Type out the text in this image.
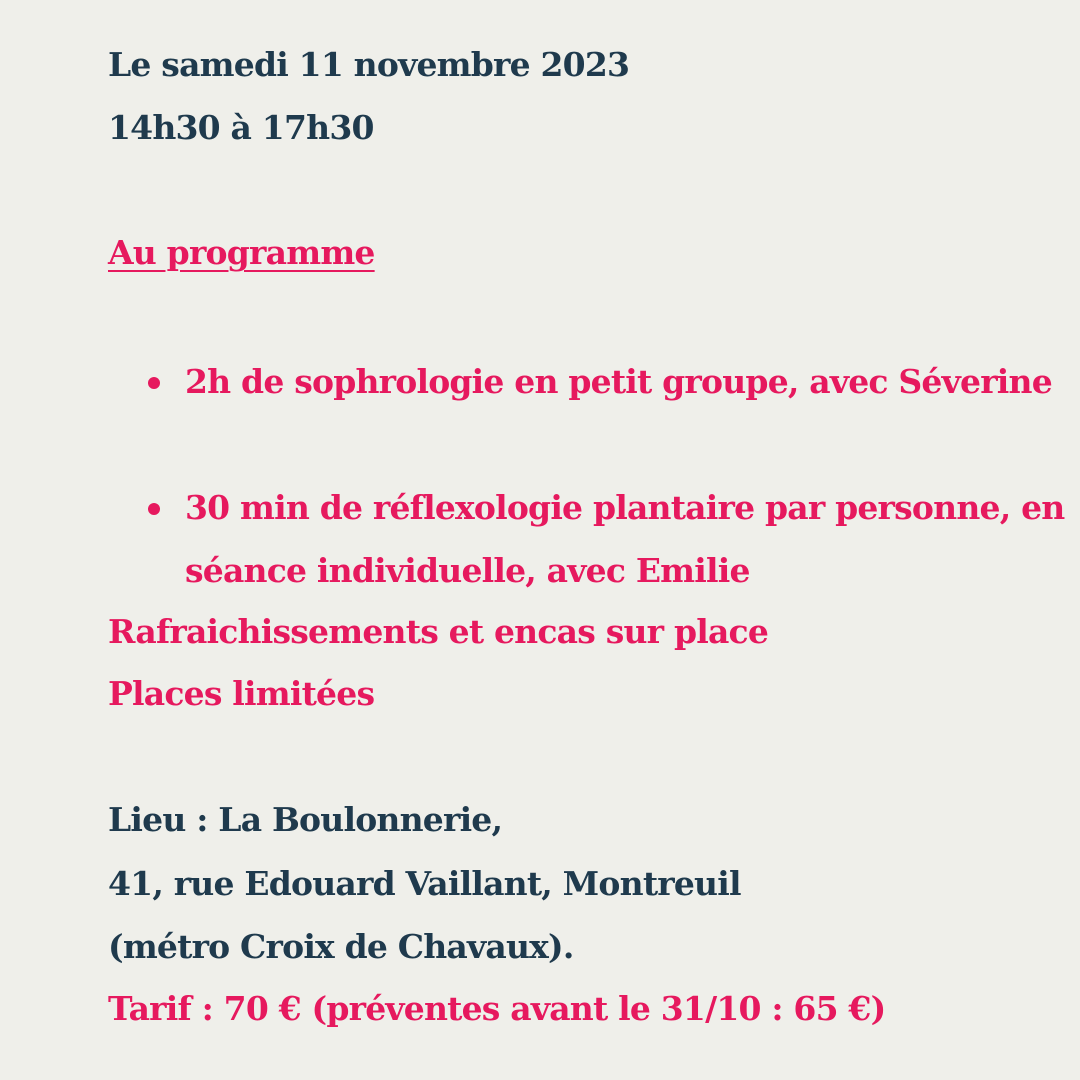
Le samedi 11 novembre 2023
14h30 à 17h30
Au programme
2h de sophrologie en petit groupe, avec Séverine
30 min de réflexologie plantaire par personne, en séance individuelle, avec Emilie
Rafraichissements et encas sur place
Places limitées
Lieu : La Boulonnerie,
41, rue Edouard Vaillant, Montreuil
(métro Croix de Chavaux).
Tarif : 70 € (préventes avant le 31/10 : 65 €)
